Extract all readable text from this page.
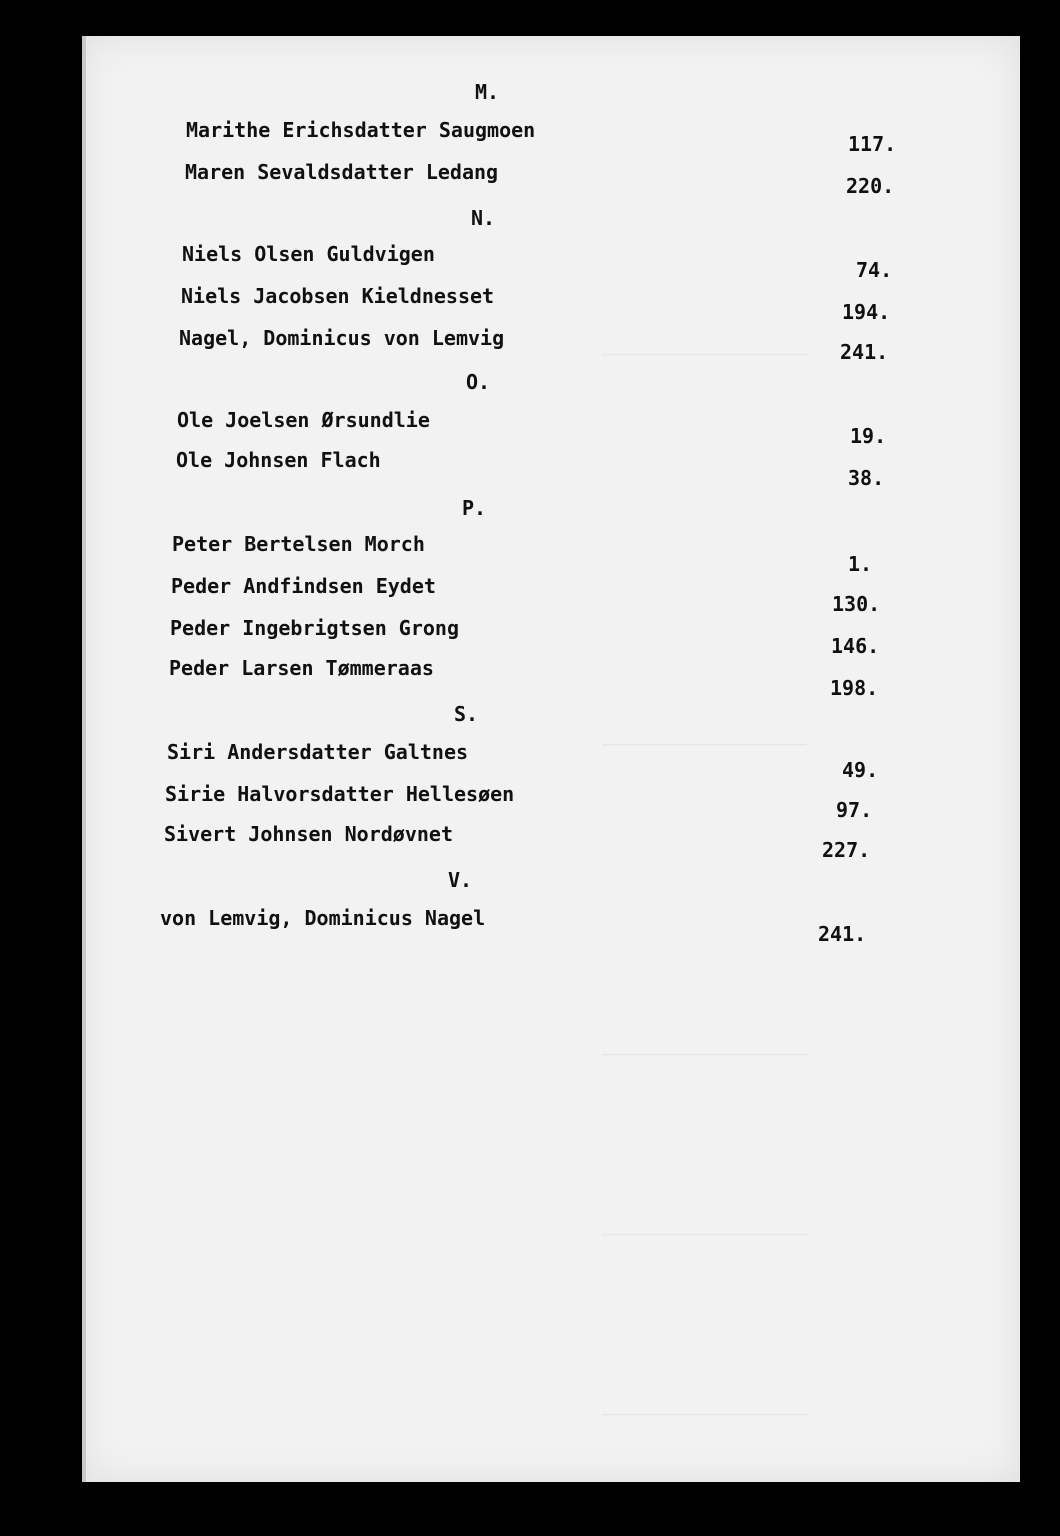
____________________
____________________
____________________
____________________
____________________
M.
Marithe Erichsdatter Saugmoen
117.
Maren Sevaldsdatter Ledang
220.
N.
Niels Olsen Guldvigen
74.
Niels Jacobsen Kieldnesset
194.
Nagel, Dominicus von Lemvig
241.
O.
Ole Joelsen Ørsundlie
19.
Ole Johnsen Flach
38.
P.
Peter Bertelsen Morch
1.
Peder Andfindsen Eydet
130.
Peder Ingebrigtsen Grong
146.
Peder Larsen Tømmeraas
198.
S.
Siri Andersdatter Galtnes
49.
Sirie Halvorsdatter Hellesøen
97.
Sivert Johnsen Nordøvnet
227.
V.
von Lemvig, Dominicus Nagel
241.
